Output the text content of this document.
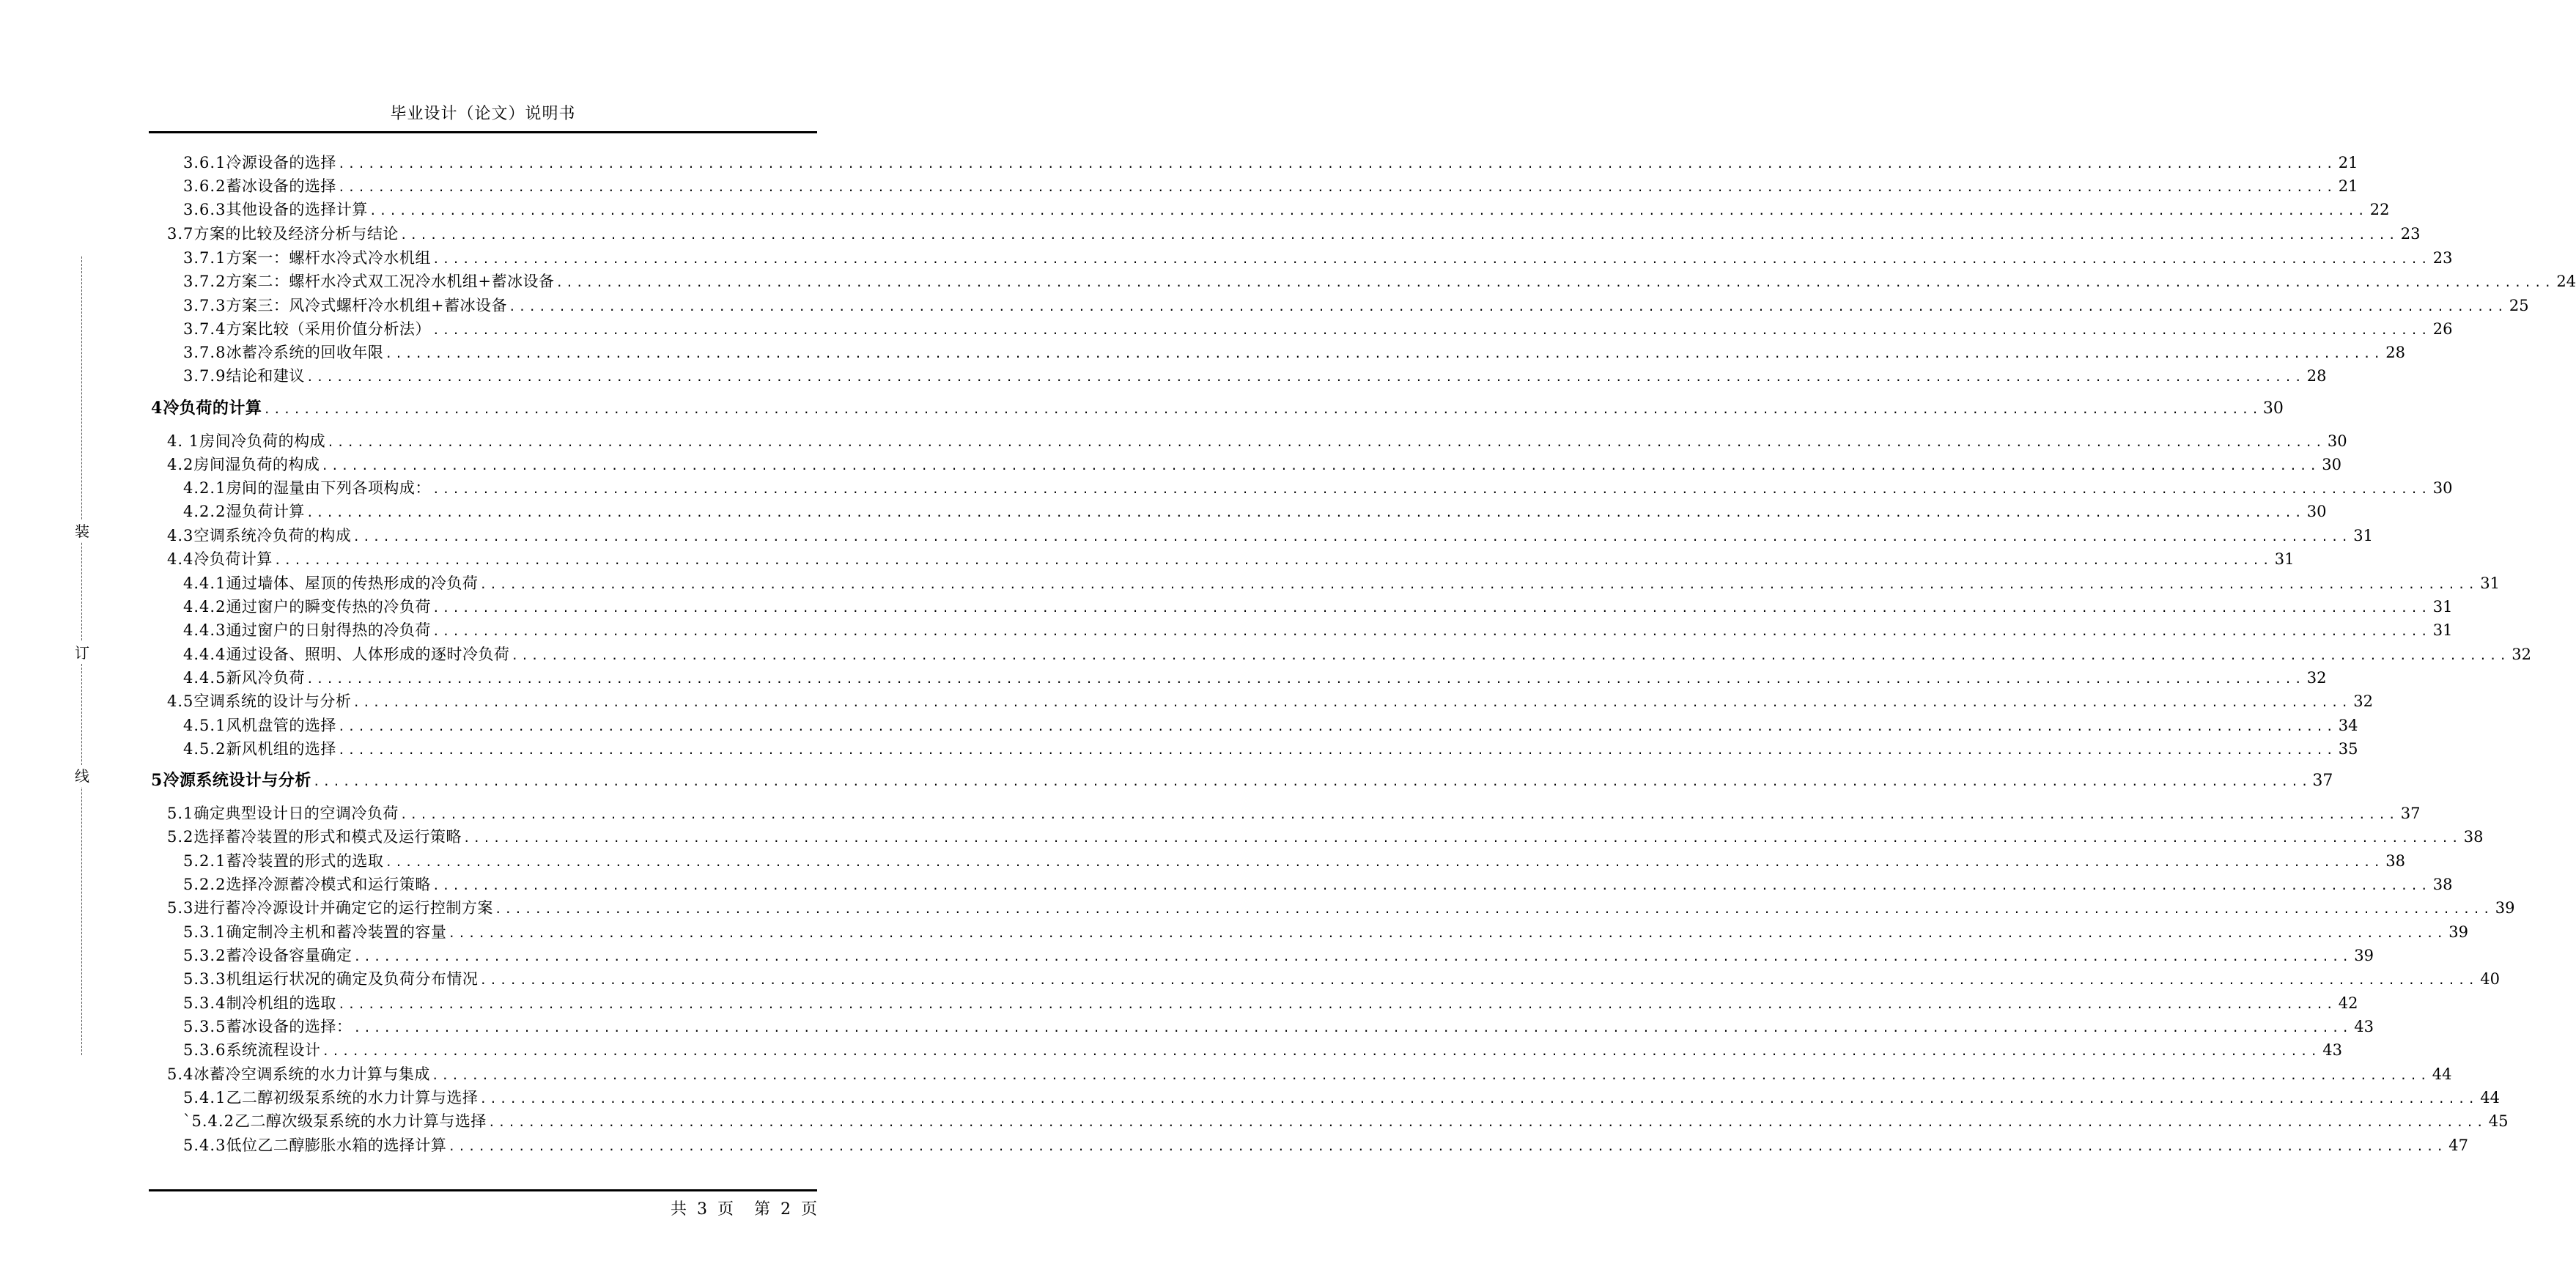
毕业设计（论文）说明书
装
订
线
3.6.1 冷源设备的选择 ........................................................................................................................................................................................................ 21
3.6.2 蓄冰设备的选择 ........................................................................................................................................................................................................ 21
3.6.3 其他设备的选择计算 ........................................................................................................................................................................................................ 22
3.7 方案的比较及经济分析与结论 ........................................................................................................................................................................................................ 23
3.7.1 方案一：螺杆水冷式冷水机组 ........................................................................................................................................................................................................ 23
3.7.2 方案二：螺杆水冷式双工况冷水机组+蓄冰设备 ........................................................................................................................................................................................................ 24
3.7.3 方案三：风冷式螺杆冷水机组+蓄冰设备 ........................................................................................................................................................................................................ 25
3.7.4 方案比较（采用价值分析法） ........................................................................................................................................................................................................ 26
3.7.8 冰蓄冷系统的回收年限 ........................................................................................................................................................................................................ 28
3.7.9 结论和建议 ........................................................................................................................................................................................................ 28
4 冷负荷的计算 ........................................................................................................................................................................................................ 30
4. 1 房间冷负荷的构成 ........................................................................................................................................................................................................ 30
4.2 房间湿负荷的构成 ........................................................................................................................................................................................................ 30
4.2.1 房间的湿量由下列各项构成： ........................................................................................................................................................................................................ 30
4.2.2 湿负荷计算 ........................................................................................................................................................................................................ 30
4.3 空调系统冷负荷的构成 ........................................................................................................................................................................................................ 31
4.4 冷负荷计算 ........................................................................................................................................................................................................ 31
4.4.1 通过墙体、屋顶的传热形成的冷负荷 ........................................................................................................................................................................................................ 31
4.4.2 通过窗户的瞬变传热的冷负荷 ........................................................................................................................................................................................................ 31
4.4.3 通过窗户的日射得热的冷负荷 ........................................................................................................................................................................................................ 31
4.4.4 通过设备、照明、人体形成的逐时冷负荷 ........................................................................................................................................................................................................ 32
4.4.5 新风冷负荷 ........................................................................................................................................................................................................ 32
4.5 空调系统的设计与分析 ........................................................................................................................................................................................................ 32
4.5.1 风机盘管的选择 ........................................................................................................................................................................................................ 34
4.5.2 新风机组的选择 ........................................................................................................................................................................................................ 35
5 冷源系统设计与分析 ........................................................................................................................................................................................................ 37
5.1 确定典型设计日的空调冷负荷 ........................................................................................................................................................................................................ 37
5.2 选择蓄冷装置的形式和模式及运行策略 ........................................................................................................................................................................................................ 38
5.2.1 蓄冷装置的形式的选取 ........................................................................................................................................................................................................ 38
5.2.2 选择冷源蓄冷模式和运行策略 ........................................................................................................................................................................................................ 38
5.3 进行蓄冷冷源设计并确定它的运行控制方案 ........................................................................................................................................................................................................ 39
5.3.1 确定制冷主机和蓄冷装置的容量 ........................................................................................................................................................................................................ 39
5.3.2 蓄冷设备容量确定 ........................................................................................................................................................................................................ 39
5.3.3 机组运行状况的确定及负荷分布情况 ........................................................................................................................................................................................................ 40
5.3.4 制冷机组的选取 ........................................................................................................................................................................................................ 42
5.3.5 蓄冰设备的选择： ........................................................................................................................................................................................................ 43
5.3.6 系统流程设计 ........................................................................................................................................................................................................ 43
5.4 冰蓄冷空调系统的水力计算与集成 ........................................................................................................................................................................................................ 44
5.4.1 乙二醇初级泵系统的水力计算与选择 ........................................................................................................................................................................................................ 44
`5.4.2 乙二醇次级泵系统的水力计算与选择 ........................................................................................................................................................................................................ 45
5.4.3 低位乙二醇膨胀水箱的选择计算 ........................................................................................................................................................................................................ 47
共 3 页 第 2 页
